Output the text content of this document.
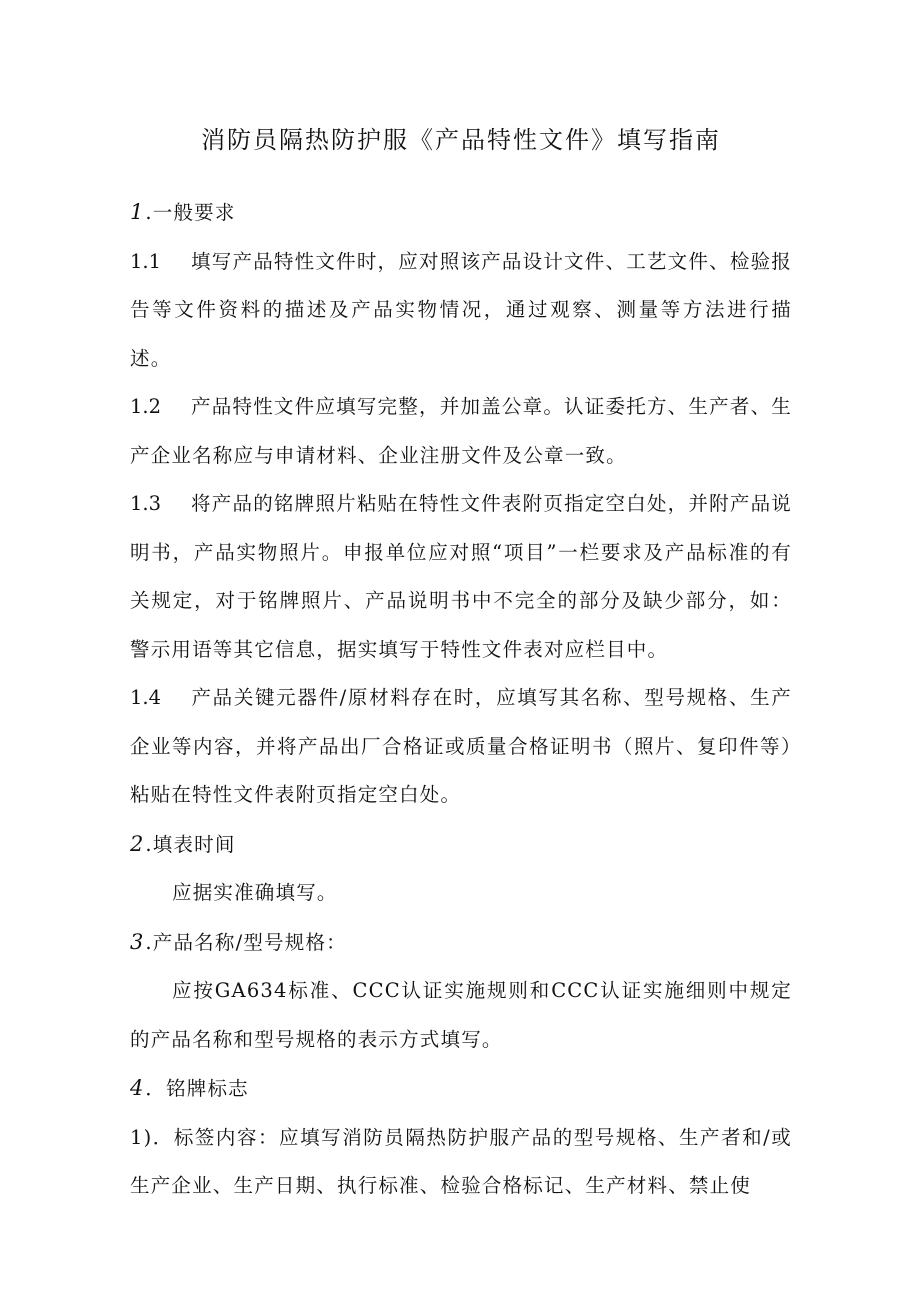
消防员隔热防护服《产品特性文件》填写指南

1 .一般要求

1.1 填写产品特性文件时，应对照该产品设计文件、工艺文件、检验报告等文件资料的描述及产品实物情况，通过观察、测量等方法进行描述。

1.2 产品特性文件应填写完整，并加盖公章。认证委托方、生产者、生产企业名称应与申请材料、企业注册文件及公章一致。

1.3 将产品的铭牌照片粘贴在特性文件表附页指定空白处，并附产品说明书，产品实物照片。申报单位应对照“项目”一栏要求及产品标准的有关规定，对于铭牌照片、产品说明书中不完全的部分及缺少部分，如：警示用语等其它信息，据实填写于特性文件表对应栏目中。

1.4 产品关键元器件/原材料存在时，应填写其名称、型号规格、生产企业等内容，并将产品出厂合格证或质量合格证明书（照片、复印件等）粘贴在特性文件表附页指定空白处。

2 .填表时间

应据实准确填写。

3 .产品名称/型号规格：

应按GA634标准、CCC认证实施规则和CCC认证实施细则中规定的产品名称和型号规格的表示方式填写。

4 ．铭牌标志

1)．标签内容：应填写消防员隔热防护服产品的型号规格、生产者和/或生产企业、生产日期、执行标准、检验合格标记、生产材料、禁止使
